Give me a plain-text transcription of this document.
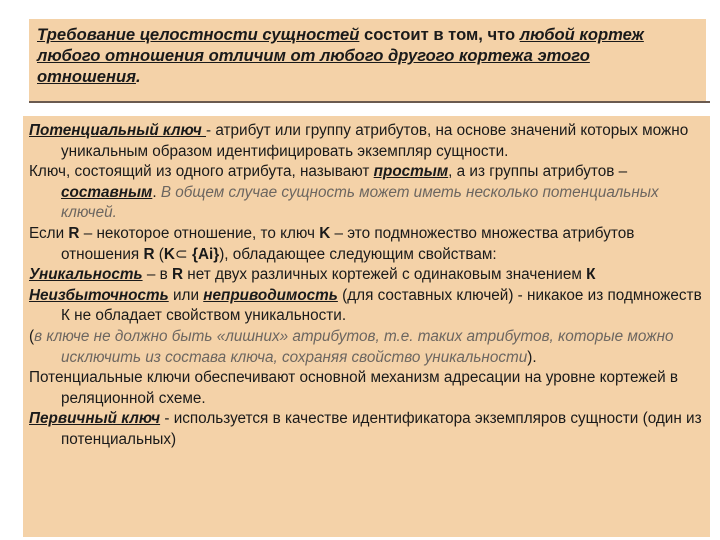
Требование целостности сущностей состоит в том, что любой кортеж любого отношения отличим от любого другого кортежа этого отношения.

Потенциальный ключ - атрибут или группу атрибутов, на основе значений которых можно уникальным образом идентифицировать экземпляр сущности.

Ключ, состоящий из одного атрибута, называют простым, а из группы атрибутов – составным. В общем случае сущность может иметь несколько потенциальных ключей.

Если R – некоторое отношение, то ключ K – это подмножество множества атрибутов отношения R (K⊂ {Ai}), обладающее следующим свойствам:

Уникальность – в R нет двух различных кортежей с одинаковым значением К

Неизбыточность или неприводимость (для составных ключей) - никакое из подмножеств К не обладает свойством уникальности.

(в ключе не должно быть «лишних» атрибутов, т.е. таких атрибутов, которые можно исключить из состава ключа, сохраняя свойство уникальности).

Потенциальные ключи обеспечивают основной механизм адресации на уровне кортежей в реляционной схеме.

Первичный ключ - используется в качестве идентификатора экземпляров сущности (один из потенциальных)
